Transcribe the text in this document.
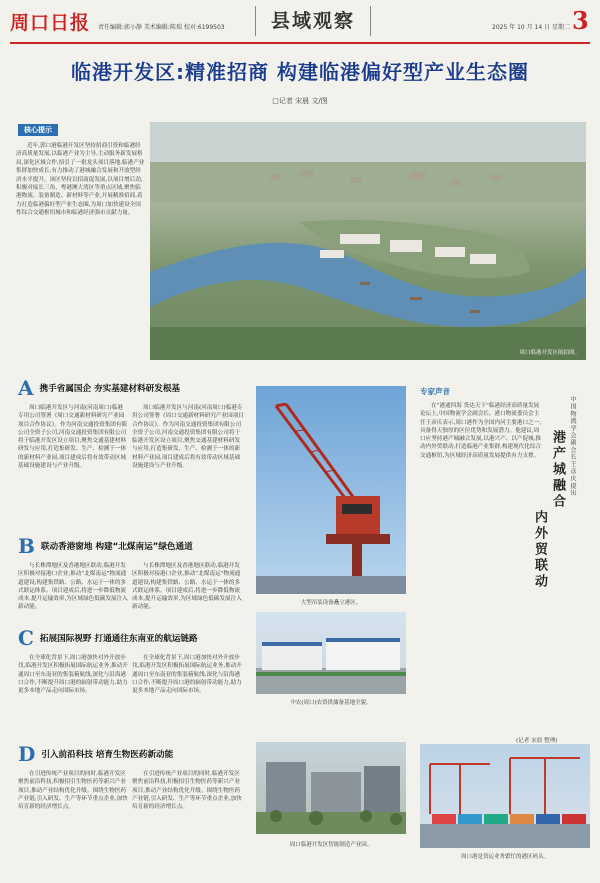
周口日报 责任编辑:郭小静 美术编辑:陈瑞 校对:6199503	县域观察	2025 年 10 月 14 日 星期二 3
临港开发区:精准招商 构建临港偏好型产业生态圈
□记者 宋晨 文/图
核心提示
近年,郭口港临港开发区坚持招商引资和临港经济高质量发展,以临港产业为主导,主动服务新发展格局,深化区域合作,招引了一批龙头项目落地,临港产业集群加快成长,有力推动了港城融合发展和开放型经济水平提升。该区坚持以招商促发展,以项目增后劲,积极对接长三角、粤港澳大湾区等重点区域,聚焦临港物流、装备制造、新材料等产业,开展精准招商,着力打造临港偏好型产业生态圈,为周口加快建设全国性综合交通枢纽城市和临港经济强市贡献力量。
周口临港开发区航拍图。
A 携手省属国企 夯实基建材料研发根基
周口临港开发区与河南(河南周口)临港专用公司签署《周口交通新材料研究产业园项目合作协议》。作为河南交通投资集团有限公司全资子公司,河南交通投资集团有限公司将于临港开发区设立项目,聚焦交通基建材料研发与应用,打造集研发、生产、检测于一体的新材料产业园,项目建成后将有效带动区域基础设施建设与产业升级。
周口临港开发区与河南(河南周口)临港专用公司签署《周口交通新材料研究产业园项目合作协议》。作为河南交通投资集团有限公司全资子公司,河南交通投资集团有限公司将于临港开发区设立项目,聚焦交通基建材料研发与应用,打造集研发、生产、检测于一体的新材料产业园,项目建成后将有效带动区域基础设施建设与产业升级。
B 联动香港窗地 构建“北煤南运”绿色通道
与长株潭地区及香港地区联动,临港开发区积极对接港口企业,推动“北煤南运”物流通道建设,构建集铁路、公路、水运于一体的多式联运体系。项目建成后,将进一步降低物流成本,提升运输效率,为区域绿色低碳发展注入新动能。
与长株潭地区及香港地区联动,临港开发区积极对接港口企业,推动“北煤南运”物流通道建设,构建集铁路、公路、水运于一体的多式联运体系。项目建成后,将进一步降低物流成本,提升运输效率,为区域绿色低碳发展注入新动能。
C 拓展国际视野 打通通往东南亚的航运链路
在全球化背景下,周口港加快对外开放步伐,临港开发区积极拓展国际航运业务,推动开通周口至东南亚的集装箱航线,深化与沿海港口合作,不断提升周口港的辐射带动能力,助力更多本地产品走向国际市场。
在全球化背景下,周口港加快对外开放步伐,临港开发区积极拓展国际航运业务,推动开通周口至东南亚的集装箱航线,深化与沿海港口合作,不断提升周口港的辐射带动能力,助力更多本地产品走向国际市场。
D 引入前沿科技 培育生物医药新动能
在引进传统产业项目的同时,临港开发区聚焦前沿科技,积极招引生物医药等新兴产业项目,推动产业结构优化升级。围绕生物医药产业链,引入研发、生产等环节重点企业,加快培育新的经济增长点。
在引进传统产业项目的同时,临港开发区聚焦前沿科技,积极招引生物医药等新兴产业项目,推动产业结构优化升级。围绕生物医药产业链,引入研发、生产等环节重点企业,加快培育新的经济增长点。
大型吊装设备矗立港区。
中农(周口)农资供储备基地全貌。
周口临港开发区智能制造产业园。
专家声音
在“港通四海 货达天下”临港经济高质量发展论坛上,中国物流学会副会长、港口物流委员会主任王彦庆表示,周口港作为全国内河主要港口之一,具备得天独厚的区位优势和发展潜力。他建议,周口应坚持港产城融合发展,以港兴产、以产促城,推动内外贸联动,打造临港产业集群,构建现代化综合交通枢纽,为区域经济高质量发展提供有力支撑。	中国物流学会副会长王彦庆提出
港产城融合
内外贸联动
(记者 宋晨 整理)
周口港是货运业务繁忙的港区码头。
